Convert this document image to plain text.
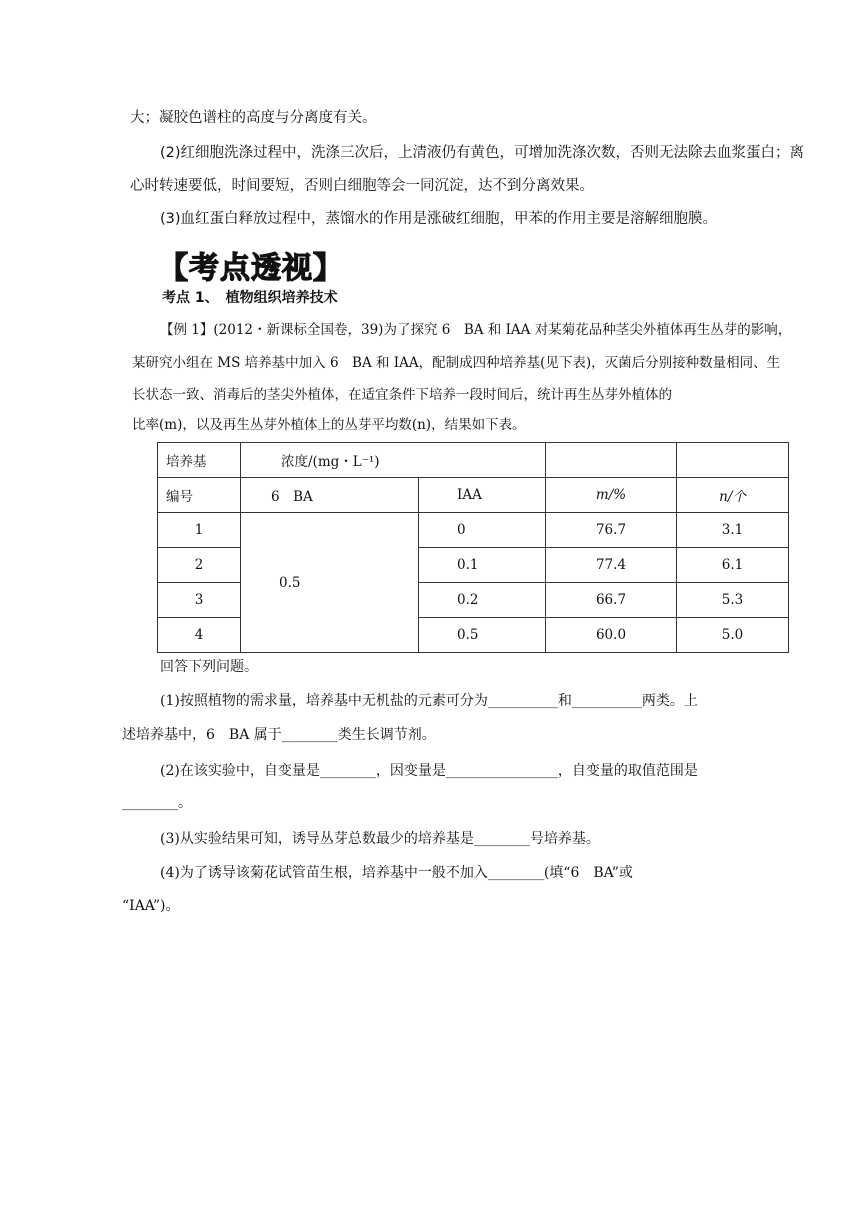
大；凝胶色谱柱的高度与分离度有关。
(2)红细胞洗涤过程中，洗涤三次后，上清液仍有黄色，可增加洗涤次数，否则无法除去血浆蛋白；离
心时转速要低，时间要短，否则白细胞等会一同沉淀，达不到分离效果。
(3)血红蛋白释放过程中，蒸馏水的作用是涨破红细胞，甲苯的作用主要是溶解细胞膜。
【考点透视】
考点 1、　植物组织培养技术
【例 1】(2012・新课标全国卷，39)为了探究 6　BA 和 IAA 对某菊花品种茎尖外植体再生丛芽的影响，
某研究小组在 MS 培养基中加入 6　BA 和 IAA，配制成四种培养基(见下表)，灭菌后分别接种数量相同、生
长状态一致、消毒后的茎尖外植体，在适宜条件下培养一段时间后，统计再生丛芽外植体的
比率(m)，以及再生丛芽外植体上的丛芽平均数(n)，结果如下表。
培养基	浓度/(mg・L⁻¹)			
编号	6　BA	IAA	m/%	n/个
1	0.5	0	76.7	3.1
2		0.1	77.4	6.1
3		0.2	66.7	5.3
4		0.5	60.0	5.0
回答下列问题。
(1)按照植物的需求量，培养基中无机盐的元素可分为__________和__________两类。上
述培养基中，6　BA 属于________类生长调节剂。
(2)在该实验中，自变量是________，因变量是________________，自变量的取值范围是
________。
(3)从实验结果可知，诱导丛芽总数最少的培养基是________号培养基。
(4)为了诱导该菊花试管苗生根，培养基中一般不加入________(填“6　BA”或
“IAA”)。
